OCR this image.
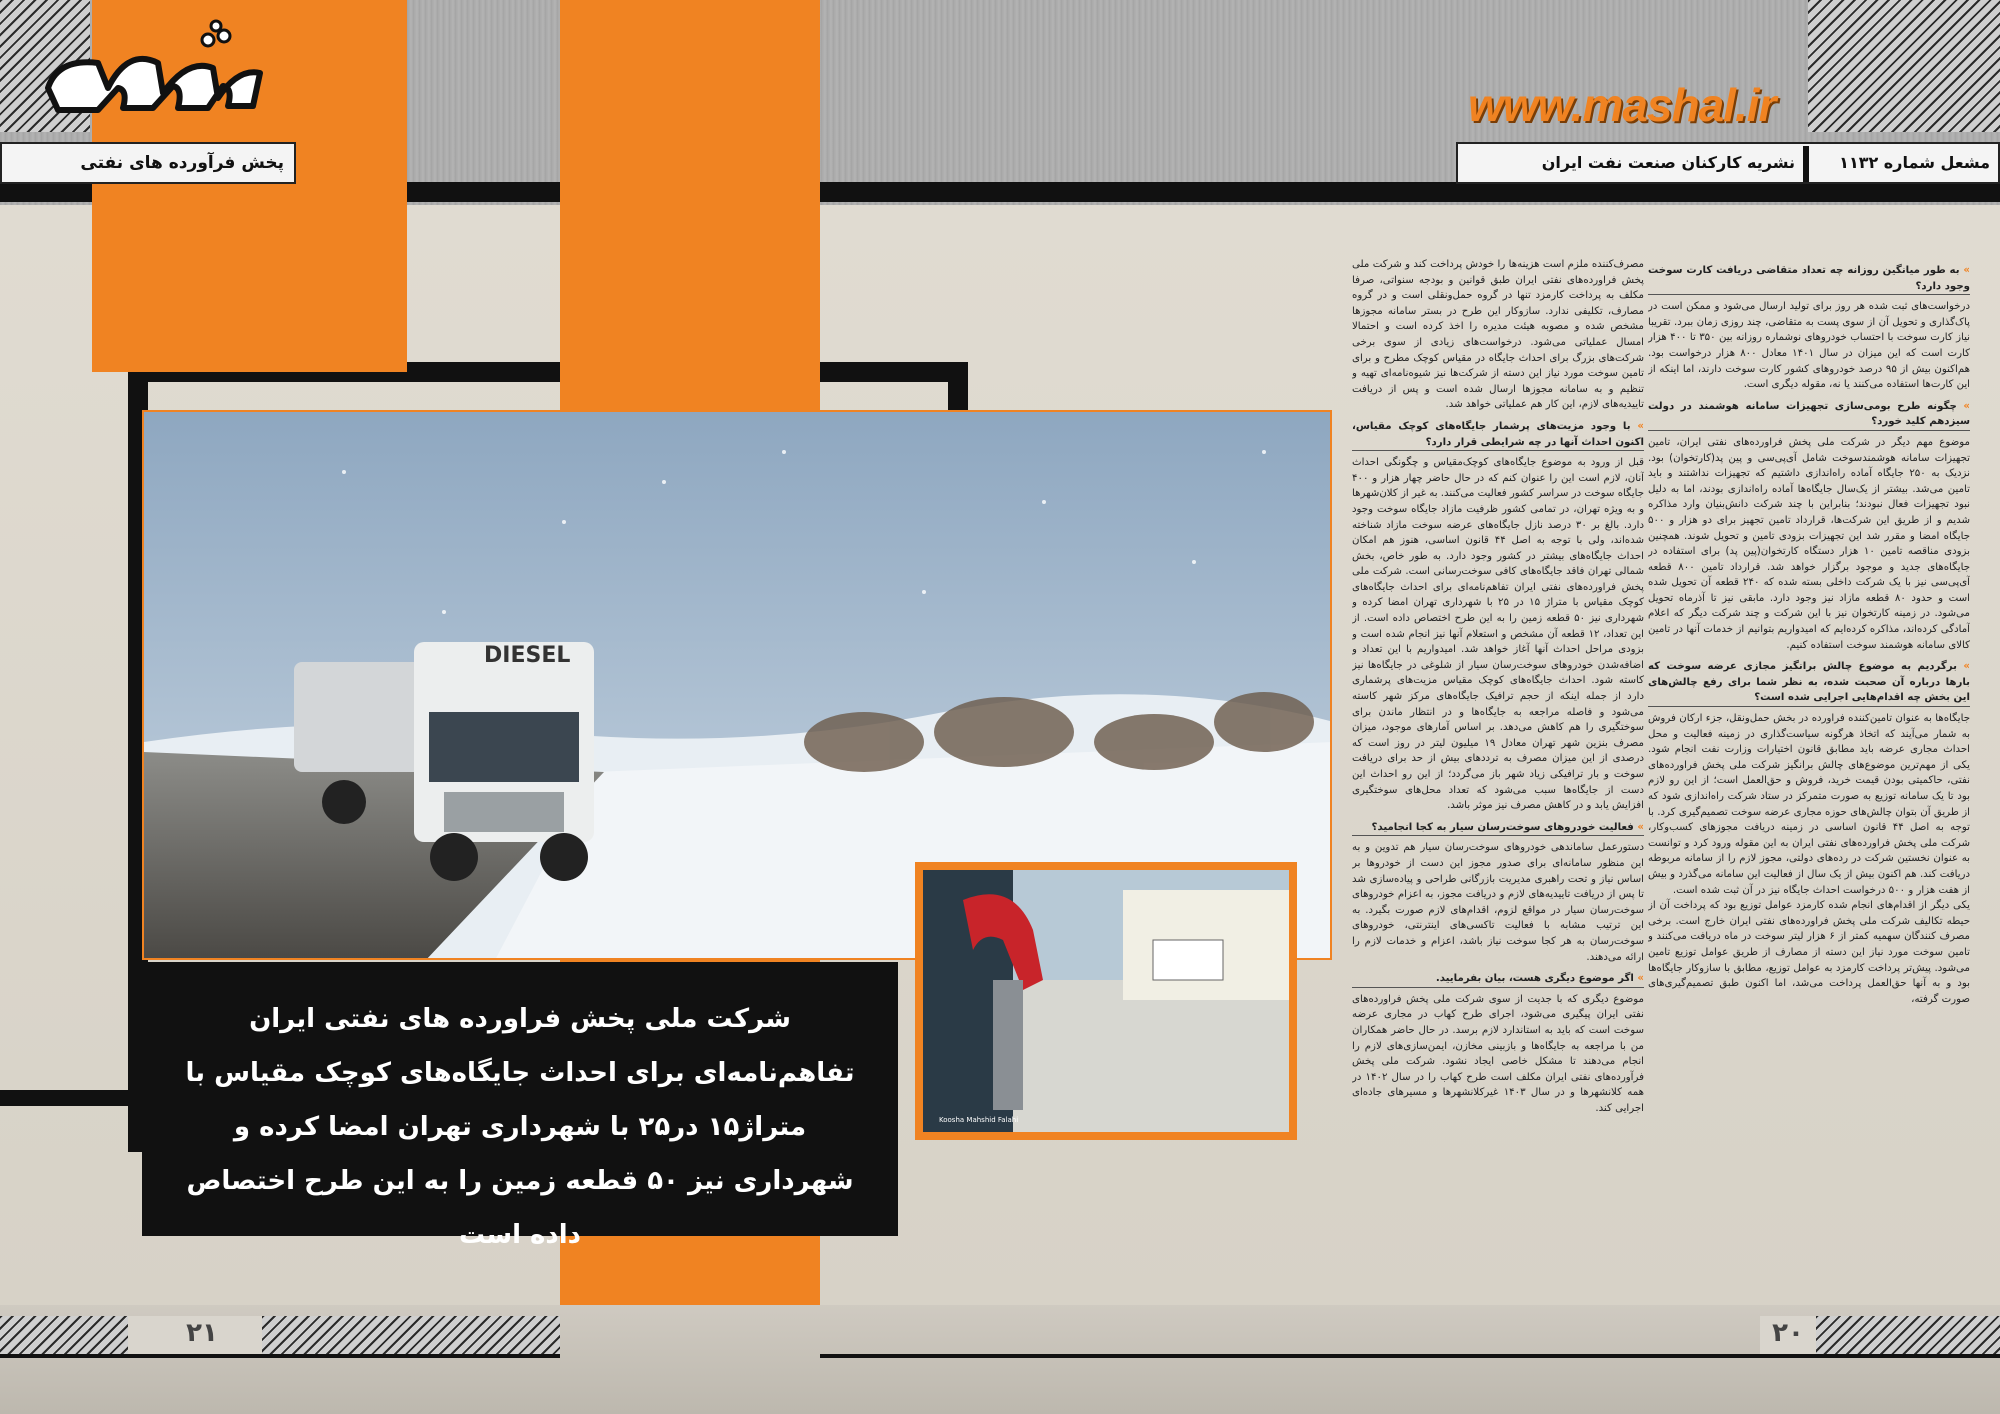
www.mashal.ir
پخش فرآورده های نفتی	مشعل شماره ۱۱۳۲
نشریه کارکنان صنعت نفت ایران
DIESEL
Koosha Mahshid Falahi
شرکت ملی پخش فراورده های نفتی ایران تفاهم‌نامه‌ای برای احداث جایگاه‌های کوچک مقیاس با متراژ۱۵ در۲۵ با شهرداری تهران امضا کرده و شهرداری نیز ۵۰ قطعه زمین را به این طرح اختصاص داده است

مصرف‌کننده ملزم است هزینه‌ها را خودش پرداخت کند و شرکت ملی پخش فراورده‌های نفتی ایران طبق قوانین و بودجه سنواتی، صرفا مکلف به پرداخت کارمزد تنها در گروه حمل‌ونقلی است و در گروه مصارف، تکلیفی ندارد. سازوکار این طرح در بستر سامانه مجوزها مشخص شده و مصوبه هیئت مدیره را اخذ کرده است و احتمالا امسال عملیاتی می‌شود. درخواست‌های زیادی از سوی برخی شرکت‌های بزرگ برای احداث جایگاه در مقیاس کوچک مطرح و برای تامین سوخت مورد نیاز این دسته از شرکت‌ها نیز شیوه‌نامه‌ای تهیه و تنظیم و به سامانه مجوزها ارسال شده است و پس از دریافت تاییدیه‌های لازم، این کار هم عملیاتی خواهد شد.

» با وجود مزیت‌های پرشمار جایگاه‌های کوچک مقیاس، اکنون احداث آنها در چه شرایطی قرار دارد؟

قبل از ورود به موضوع جایگاه‌های کوچک‌مقیاس و چگونگی احداث آنان، لازم است این را عنوان کنم که در حال حاضر چهار هزار و ۴۰۰ جایگاه سوخت در سراسر کشور فعالیت می‌کنند. به غیر از کلان‌شهرها و به ویژه تهران، در تمامی کشور ظرفیت مازاد جایگاه سوخت وجود دارد. بالغ بر ۳۰ درصد نازل جایگاه‌های عرضه سوخت مازاد شناخته شده‌اند، ولی با توجه به اصل ۴۴ قانون اساسی، هنوز هم امکان احداث جایگاه‌های بیشتر در کشور وجود دارد. به طور خاص، بخش شمالی تهران فاقد جایگاه‌های کافی سوخت‌رسانی است. شرکت ملی پخش فراورده‌های نفتی ایران تفاهم‌نامه‌ای برای احداث جایگاه‌های کوچک مقیاس با متراژ ۱۵ در ۲۵ با شهرداری تهران امضا کرده و شهرداری نیز ۵۰ قطعه زمین را به این طرح اختصاص داده است. از این تعداد، ۱۲ قطعه آن مشخص و استعلام آنها نیز انجام شده است و بزودی مراحل احداث آنها آغاز خواهد شد. امیدواریم با این تعداد و اضافه‌شدن خودروهای سوخت‌رسان سیار از شلوغی در جایگاه‌ها نیز کاسته شود. احداث جایگاه‌های کوچک مقیاس مزیت‌های پرشماری دارد از جمله اینکه از حجم ترافیک جایگاه‌های مرکز شهر کاسته می‌شود و فاصله مراجعه به جایگاه‌ها و در انتظار ماندن برای سوختگیری را هم کاهش می‌دهد. بر اساس آمارهای موجود، میزان مصرف بنزین شهر تهران معادل ۱۹ میلیون لیتر در روز است که درصدی از این میزان مصرف به ترددهای بیش از حد برای دریافت سوخت و بار ترافیکی زیاد شهر باز می‌گردد؛ از این رو احداث این دست از جایگاه‌ها سبب می‌شود که تعداد محل‌های سوختگیری افزایش یابد و در کاهش مصرف نیز موثر باشد.

» فعالیت خودروهای سوخت‌رسان سیار به کجا انجامید؟

دستورعمل ساماندهی خودروهای سوخت‌رسان سیار هم تدوین و به این منظور سامانه‌ای برای صدور مجوز این دست از خودروها بر اساس نیاز و تحت راهبری مدیریت بازرگانی طراحی و پیاده‌سازی شد تا پس از دریافت تاییدیه‌های لازم و دریافت مجوز، به اعزام خودروهای سوخت‌رسان سیار در مواقع لزوم، اقدام‌های لازم صورت بگیرد. به این ترتیب مشابه با فعالیت تاکسی‌های اینترنتی، خودروهای سوخت‌رسان به هر کجا سوخت نیاز باشد، اعزام و خدمات لازم را ارائه می‌دهند.

» اگر موضوع دیگری هست، بیان بفرمایید.

موضوع دیگری که با جدیت از سوی شرکت ملی پخش فراورده‌های نفتی ایران پیگیری می‌شود، اجرای طرح کهاب در مجاری عرضه سوخت است که باید به استاندارد لازم برسد. در حال حاضر همکاران من با مراجعه به جایگاه‌ها و بازبینی مخازن، ایمن‌سازی‌های لازم را انجام می‌دهند تا مشکل خاصی ایجاد نشود. شرکت ملی پخش فرآورده‌های نفتی ایران مکلف است طرح کهاب را در سال ۱۴۰۲ در همه کلانشهرها و در سال ۱۴۰۳ غیرکلانشهرها و مسیرهای جاده‌ای اجرایی کند.

» به طور میانگین روزانه چه تعداد متقاضی دریافت کارت سوخت وجود دارد؟

درخواست‌های ثبت شده هر روز برای تولید ارسال می‌شود و ممکن است در پاک‌گذاری و تحویل آن از سوی پست به متقاضی، چند روزی زمان ببرد. تقریبا نیاز کارت سوخت با احتساب خودروهای نوشماره روزانه بین ۳۵۰ تا ۴۰۰ هزار کارت است که این میزان در سال ۱۴۰۱ معادل ۸۰۰ هزار درخواست بود. هم‌اکنون بیش از ۹۵ درصد خودروهای کشور کارت سوخت دارند، اما اینکه از این کارت‌ها استفاده می‌کنند یا نه، مقوله دیگری است.

» چگونه طرح بومی‌سازی تجهیزات سامانه هوشمند در دولت سیزدهم کلید خورد؟

موضوع مهم دیگر در شرکت ملی پخش فراورده‌های نفتی ایران، تامین تجهیزات سامانه هوشمندسوخت شامل آی‌پی‌سی و پین پد(کارتخوان) بود. نزدیک به ۲۵۰ جایگاه آماده راه‌اندازی داشتیم که تجهیزات نداشتند و باید تامین می‌شد. بیشتر از یک‌سال جایگاه‌ها آماده راه‌اندازی بودند، اما به دلیل نبود تجهیزات فعال نبودند؛ بنابراین با چند شرکت دانش‌بنیان وارد مذاکره شدیم و از طریق این شرکت‌ها، قرارداد تامین تجهیز برای دو هزار و ۵۰۰ جایگاه امضا و مقرر شد این تجهیزات بزودی تامین و تحویل شوند. همچنین بزودی مناقصه تامین ۱۰ هزار دستگاه کارتخوان(پین پد) برای استفاده در جایگاه‌های جدید و موجود برگزار خواهد شد. قرارداد تامین ۸۰۰ قطعه آی‌پی‌سی نیز با یک شرکت داخلی بسته شده که ۲۴۰ قطعه آن تحویل شده است و حدود ۸۰ قطعه مازاد نیز وجود دارد. مابقی نیز تا آذرماه تحویل می‌شود. در زمینه کارتخوان نیز با این شرکت و چند شرکت دیگر که اعلام آمادگی کرده‌اند، مذاکره کرده‌ایم که امیدواریم بتوانیم از خدمات آنها در تامین کالای سامانه هوشمند سوخت استفاده کنیم.

» برگردیم به موضوع چالش برانگیز مجازی عرضه سوخت که بارها درباره آن صحبت شده، به نظر شما برای رفع چالش‌های این بخش چه اقدام‌هایی اجرایی شده است؟

جایگاه‌ها به عنوان تامین‌کننده فراورده در بخش حمل‌ونقل، جزء ارکان فروش به شمار می‌آیند که اتخاذ هرگونه سیاست‌گذاری در زمینه فعالیت و محل احداث مجاری عرضه باید مطابق قانون اختیارات وزارت نفت انجام شود. یکی از مهم‌ترین موضوع‌های چالش برانگیز شرکت ملی پخش فراورده‌های نفتی، حاکمیتی بودن قیمت خرید، فروش و حق‌العمل است؛ از این رو لازم بود تا یک سامانه توزیع به صورت متمرکز در ستاد شرکت راه‌اندازی شود که از طریق آن بتوان چالش‌های حوزه مجاری عرضه سوخت تصمیم‌گیری کرد. با توجه به اصل ۴۴ قانون اساسی در زمینه دریافت مجوزهای کسب‌وکار، شرکت ملی پخش فراورده‌های نفتی ایران به این مقوله ورود کرد و توانست به عنوان نخستین شرکت در رده‌های دولتی، مجوز لازم را از سامانه مربوطه دریافت کند. هم اکنون بیش از یک سال از فعالیت این سامانه می‌گذرد و بیش از هفت هزار و ۵۰۰ درخواست احداث جایگاه نیز در آن ثبت شده است.

یکی دیگر از اقدام‌های انجام شده کارمزد عوامل توزیع بود که پرداخت آن از حیطه تکالیف شرکت ملی پخش فراورده‌های نفتی ایران خارج است. برخی مصرف کنندگان سهمیه کمتر از ۶ هزار لیتر سوخت در ماه دریافت می‌کنند و تامین سوخت مورد نیاز این دسته از مصارف از طریق عوامل توزیع تامین می‌شود. پیش‌تر پرداخت کارمزد به عوامل توزیع، مطابق با سازوکار جایگاه‌ها بود و به آنها حق‌العمل پرداخت می‌شد، اما اکنون طبق تصمیم‌گیری‌های صورت گرفته،

۲۱	۲۰
